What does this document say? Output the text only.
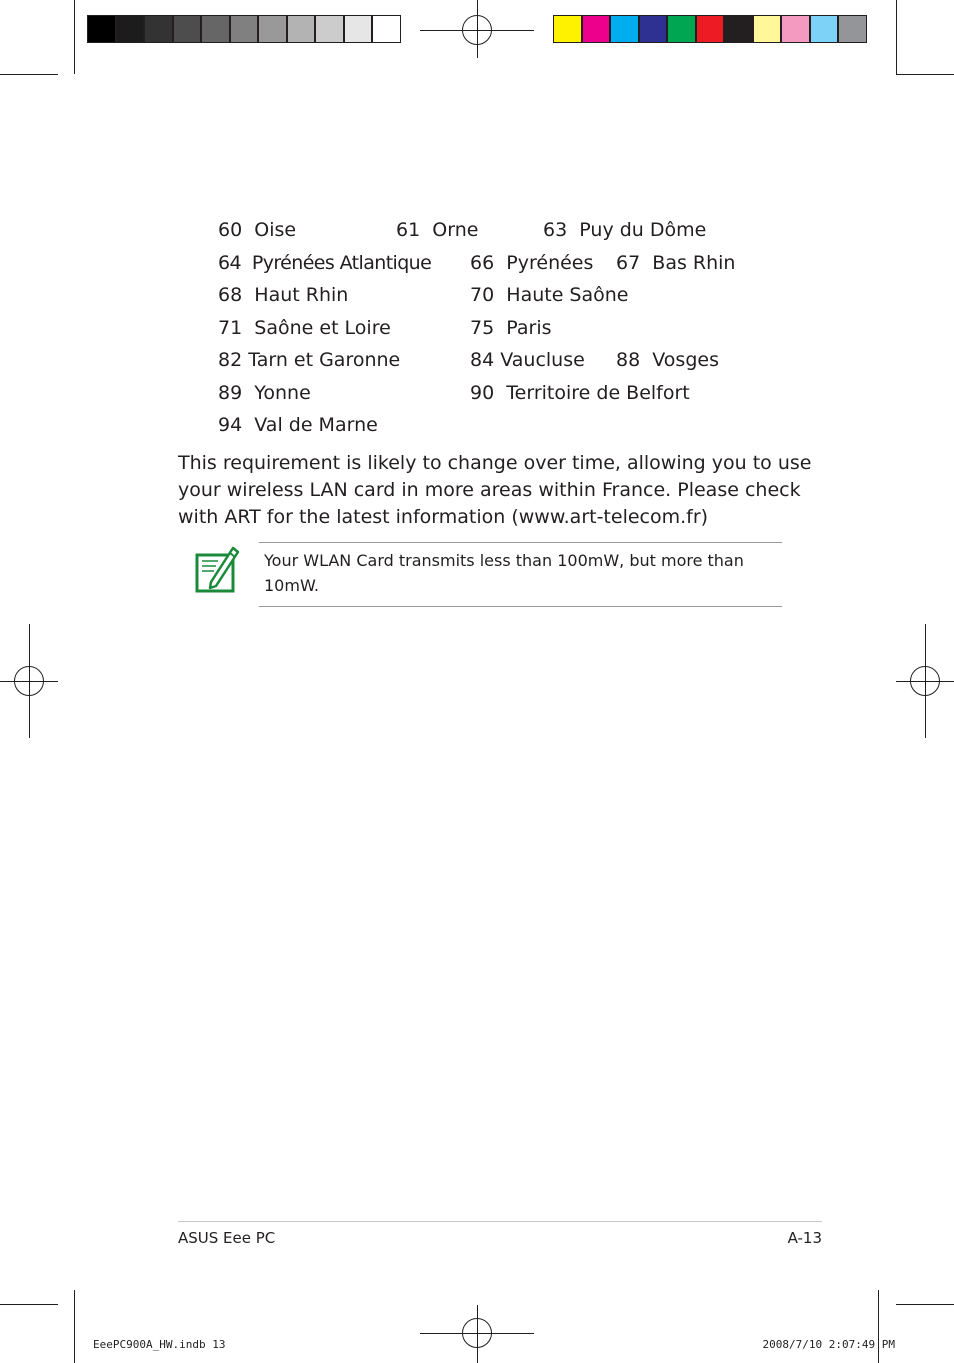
60 Oise	61 Orne	63 Puy du Dôme
64 Pyrénées Atlantique 66 Pyrénées 67 Bas Rhin
68 Haut Rhin	70 Haute Saône
71 Saône et Loire	75 Paris
82 Tarn et Garonne	84 Vaucluse 88 Vosges
89 Yonne	90 Territoire de Belfort
94 Val de Marne
This requirement is likely to change over time, allowing you to use
your wireless LAN card in more areas within France. Please check
with ART for the latest information (www.art-telecom.fr)
Your WLAN Card transmits less than 100mW, but more than
10mW.
ASUS Eee PC	A-13
EeePC900A_HW.indb 13	2008/7/10 2:07:49 PM
